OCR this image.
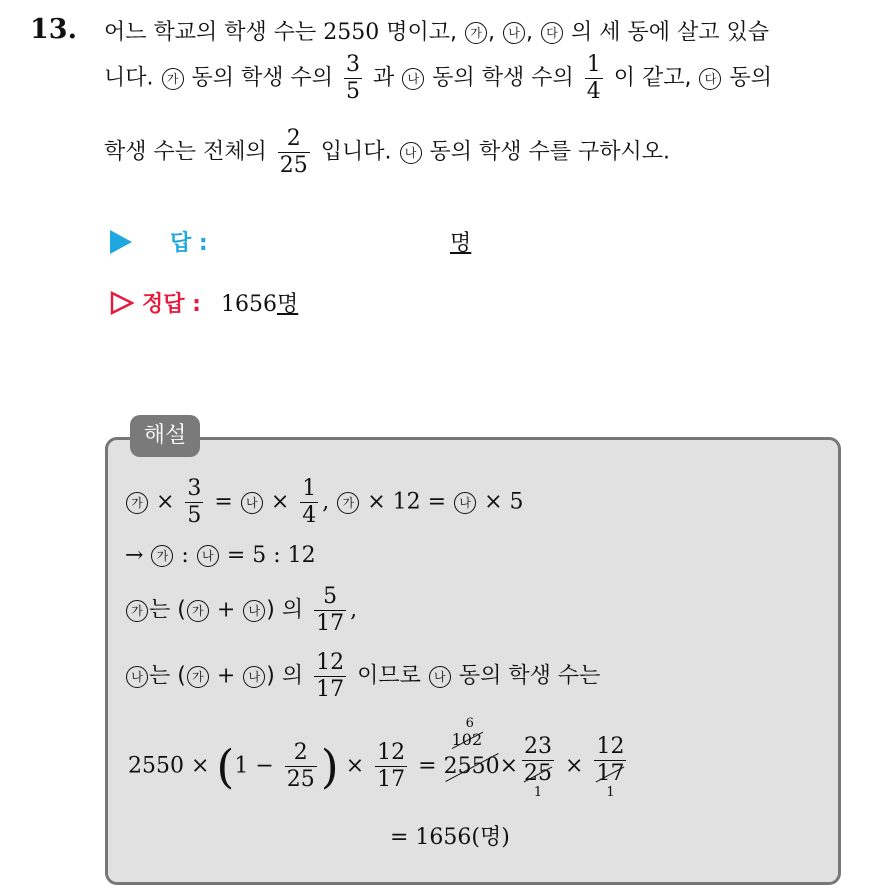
13. 어느 학교의 학생 수는 2550 명이고, 가 , 나 , 다 의 세 동에 살고 있습
니다. 가 동의 학생 수의 $\frac{3}{5}$ 과 나 동의 학생 수의 $\frac{1}{4}$ 이 같고, 다 동의
학생 수는 전체의 $\frac{2}{25}$ 입니다. 나 동의 학생 수를 구하시오.
답 :	명
정답 : 1656명
해설
가 × $\frac{3}{5}$ = 나 × $\frac{1}{4}$ , 가 × 12 = 나 × 5
→ 가 : 나 = 5 : 12
가 는 ( 가 + 나 ) 의 $\frac{5}{17}$ ,
나 는 ( 가 + 나 ) 의 $\frac{12}{17}$ 이므로 나 동의 학생 수는
$2550 \times (1 - \frac{2}{25}$ ) × $\frac{12}{17}$ =
6
102
2550× 23
25
1 × 12
17
1
= 1656(명)
